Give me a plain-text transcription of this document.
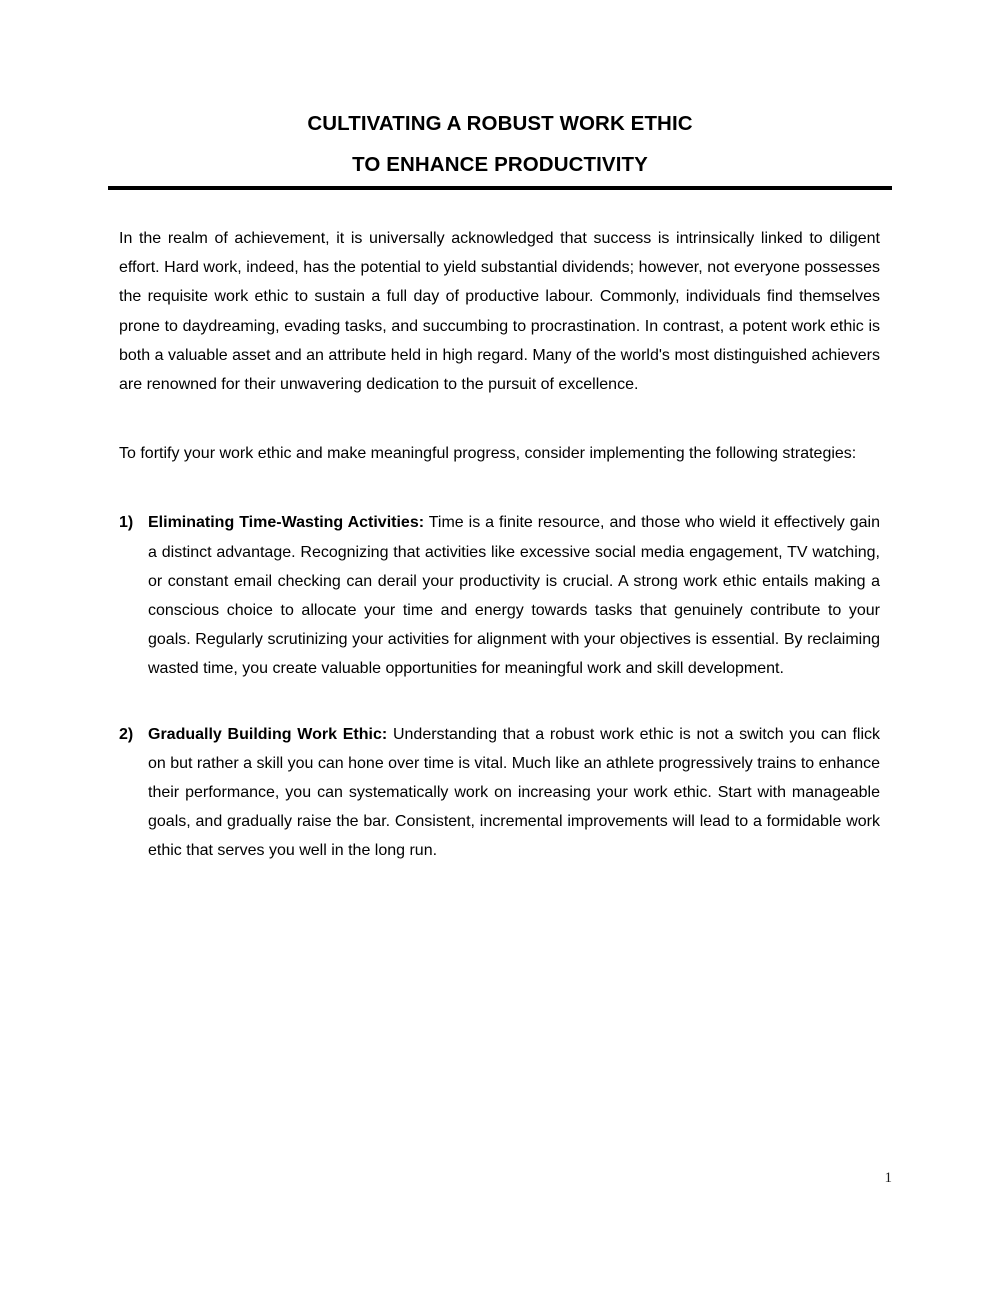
CULTIVATING A ROBUST WORK ETHIC
TO ENHANCE PRODUCTIVITY

In the realm of achievement, it is universally acknowledged that success is intrinsically linked to diligent effort. Hard work, indeed, has the potential to yield substantial dividends; however, not everyone possesses the requisite work ethic to sustain a full day of productive labour. Commonly, individuals find themselves prone to daydreaming, evading tasks, and succumbing to procrastination. In contrast, a potent work ethic is both a valuable asset and an attribute held in high regard. Many of the world's most distinguished achievers are renowned for their unwavering dedication to the pursuit of excellence.

To fortify your work ethic and make meaningful progress, consider implementing the following strategies:

1) Eliminating Time-Wasting Activities: Time is a finite resource, and those who wield it effectively gain a distinct advantage. Recognizing that activities like excessive social media engagement, TV watching, or constant email checking can derail your productivity is crucial. A strong work ethic entails making a conscious choice to allocate your time and energy towards tasks that genuinely contribute to your goals. Regularly scrutinizing your activities for alignment with your objectives is essential. By reclaiming wasted time, you create valuable opportunities for meaningful work and skill development.
2) Gradually Building Work Ethic: Understanding that a robust work ethic is not a switch you can flick on but rather a skill you can hone over time is vital. Much like an athlete progressively trains to enhance their performance, you can systematically work on increasing your work ethic. Start with manageable goals, and gradually raise the bar. Consistent, incremental improvements will lead to a formidable work ethic that serves you well in the long run.
1
